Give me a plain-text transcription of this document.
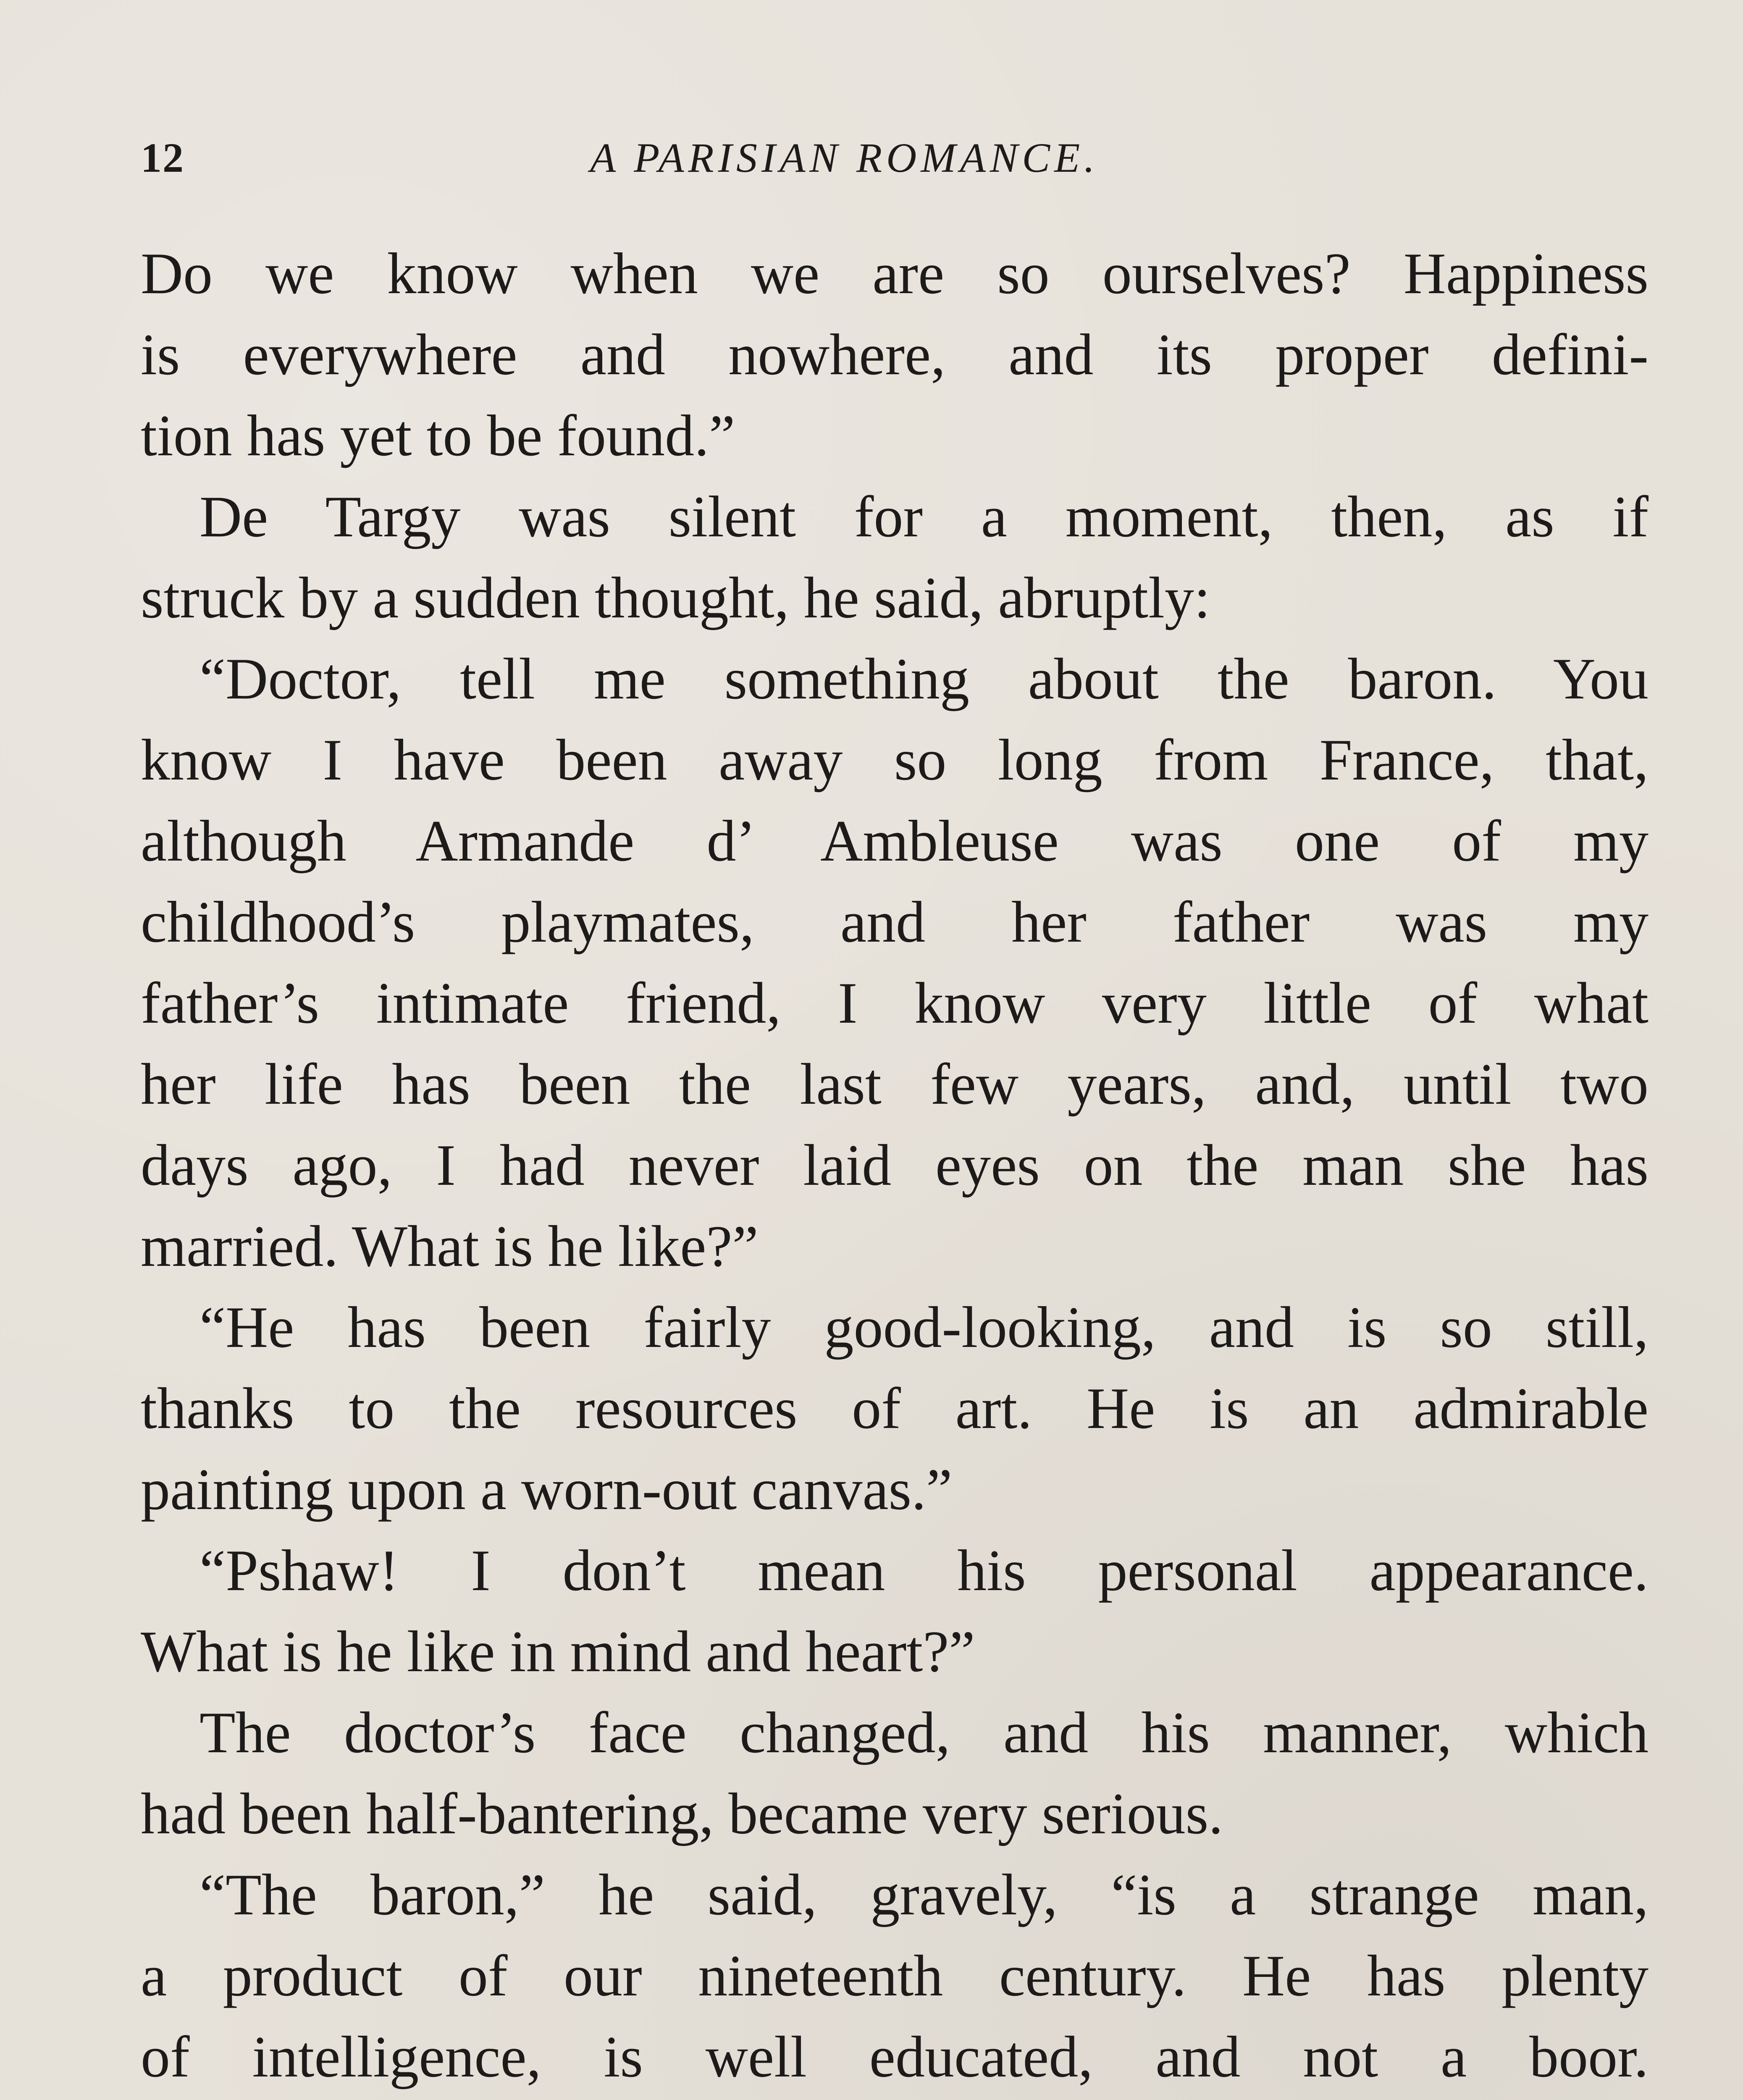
12	A PARISIAN ROMANCE.
Do we know when we are so ourselves? Happiness
is everywhere and nowhere, and its proper defini-
tion has yet to be found.”
De Targy was silent for a moment, then, as if
struck by a sudden thought, he said, abruptly:
“Doctor, tell me something about the baron. You
know I have been away so long from France, that,
although Armande d’ Ambleuse was one of my
childhood’s playmates, and her father was my
father’s intimate friend, I know very little of what
her life has been the last few years, and, until two
days ago, I had never laid eyes on the man she has
married. What is he like?”
“He has been fairly good-looking, and is so still,
thanks to the resources of art. He is an admirable
painting upon a worn-out canvas.”
“Pshaw! I don’t mean his personal appearance.
What is he like in mind and heart?”
The doctor’s face changed, and his manner, which
had been half-bantering, became very serious.
“The baron,” he said, gravely, “is a strange man,
a product of our nineteenth century. He has plenty
of intelligence, is well educated, and not a boor.
